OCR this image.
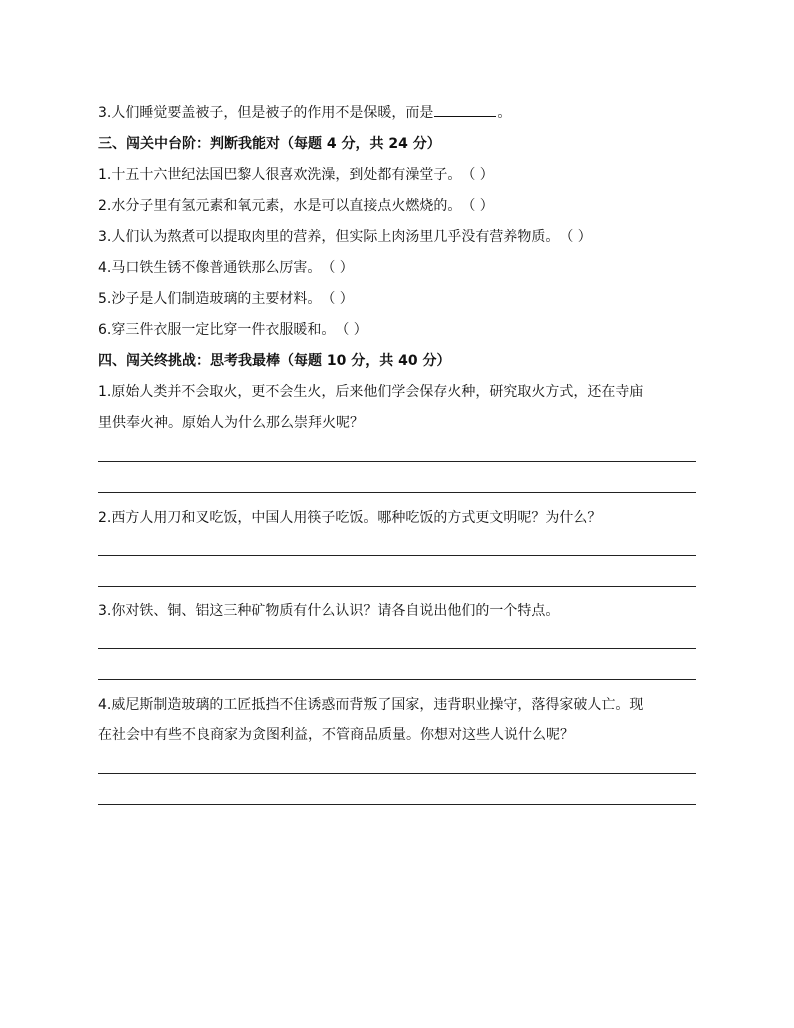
3.人们睡觉要盖被子，但是被子的作用不是保暖，而是	。
三、闯关中台阶：判断我能对（每题 4 分，共 24 分）
1.十五十六世纪法国巴黎人很喜欢洗澡，到处都有澡堂子。（ ）
2.水分子里有氢元素和氧元素，水是可以直接点火燃烧的。（ ）
3.人们认为熬煮可以提取肉里的营养，但实际上肉汤里几乎没有营养物质。（ ）
4.马口铁生锈不像普通铁那么厉害。（ ）
5.沙子是人们制造玻璃的主要材料。（ ）
6.穿三件衣服一定比穿一件衣服暖和。（ ）
四、闯关终挑战：思考我最棒（每题 10 分，共 40 分）
1.原始人类并不会取火，更不会生火，后来他们学会保存火种，研究取火方式，还在寺庙
里供奉火神。原始人为什么那么崇拜火呢？
2.西方人用刀和叉吃饭，中国人用筷子吃饭。哪种吃饭的方式更文明呢？为什么？
3.你对铁、铜、铝这三种矿物质有什么认识？请各自说出他们的一个特点。
4.威尼斯制造玻璃的工匠抵挡不住诱惑而背叛了国家，违背职业操守，落得家破人亡。现
在社会中有些不良商家为贪图利益，不管商品质量。你想对这些人说什么呢？
